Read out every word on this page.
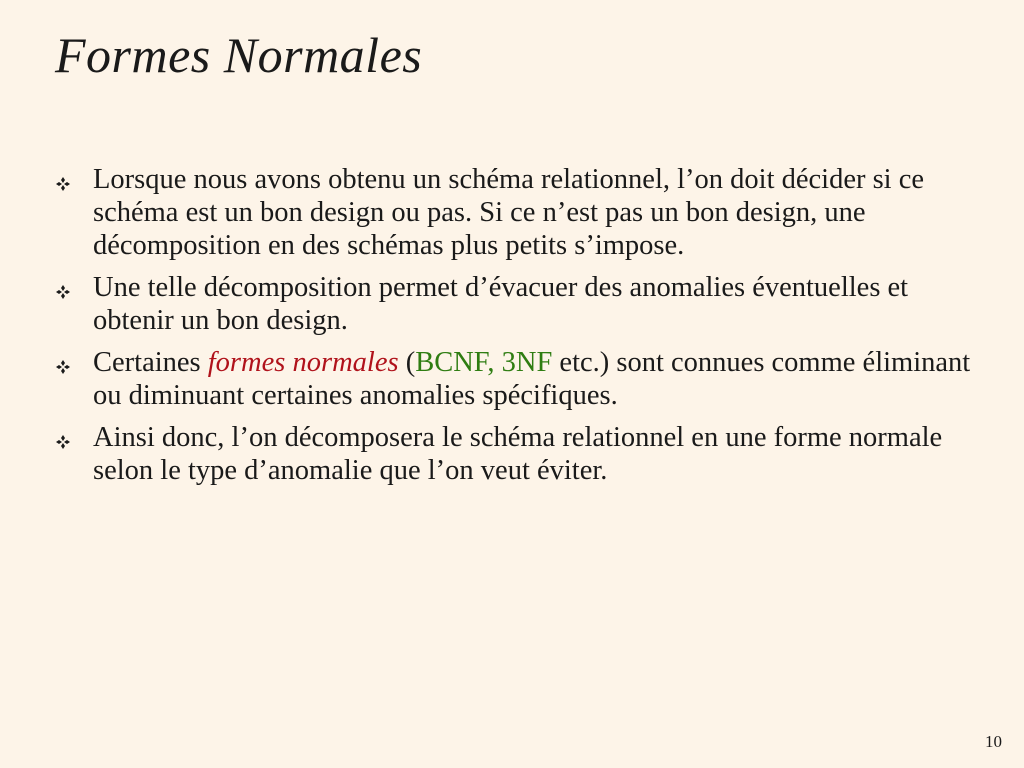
Formes Normales
Lorsque nous avons obtenu un schéma relationnel, l’on doit décider si ce schéma est un bon design ou pas. Si ce n’est pas un bon design, une décomposition en des schémas plus petits s’impose.
Une telle décomposition permet d’évacuer des anomalies éventuelles et obtenir un bon design.
Certaines formes normales (BCNF, 3NF etc.) sont connues comme éliminant ou diminuant certaines anomalies spécifiques.
Ainsi donc, l’on décomposera le schéma relationnel en une forme normale selon le type d’anomalie que l’on veut éviter.
10
